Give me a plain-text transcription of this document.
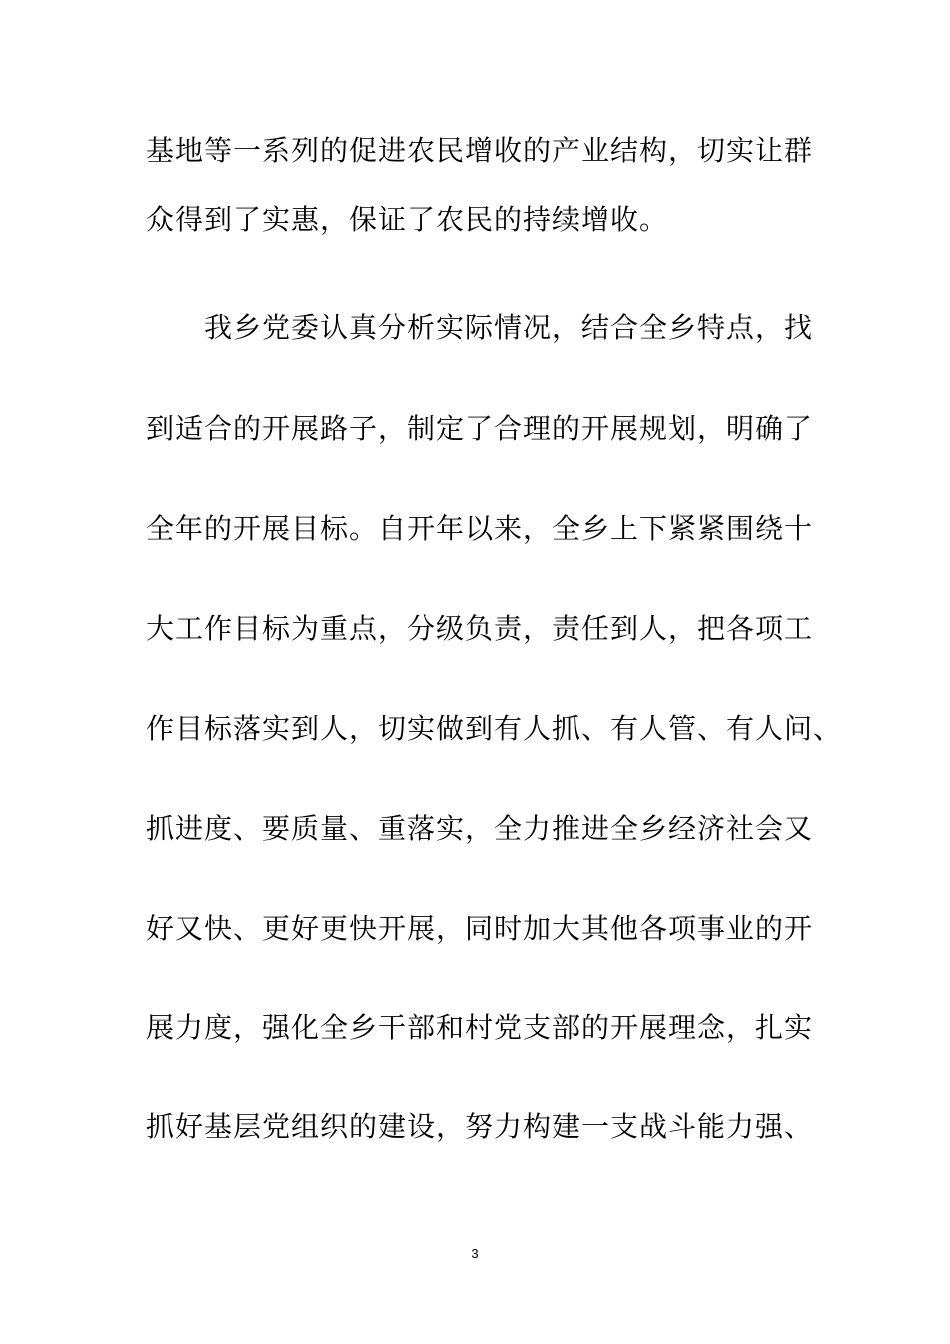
基地等一系列的促进农民增收的产业结构，切实让群
众得到了实惠，保证了农民的持续增收。
我乡党委认真分析实际情况，结合全乡特点，找
到适合的开展路子，制定了合理的开展规划，明确了
全年的开展目标。自开年以来，全乡上下紧紧围绕十
大工作目标为重点，分级负责，责任到人，把各项工
作目标落实到人，切实做到有人抓、有人管、有人问、
抓进度、要质量、重落实，全力推进全乡经济社会又
好又快、更好更快开展，同时加大其他各项事业的开
展力度，强化全乡干部和村党支部的开展理念，扎实
抓好基层党组织的建设，努力构建一支战斗能力强、
3
